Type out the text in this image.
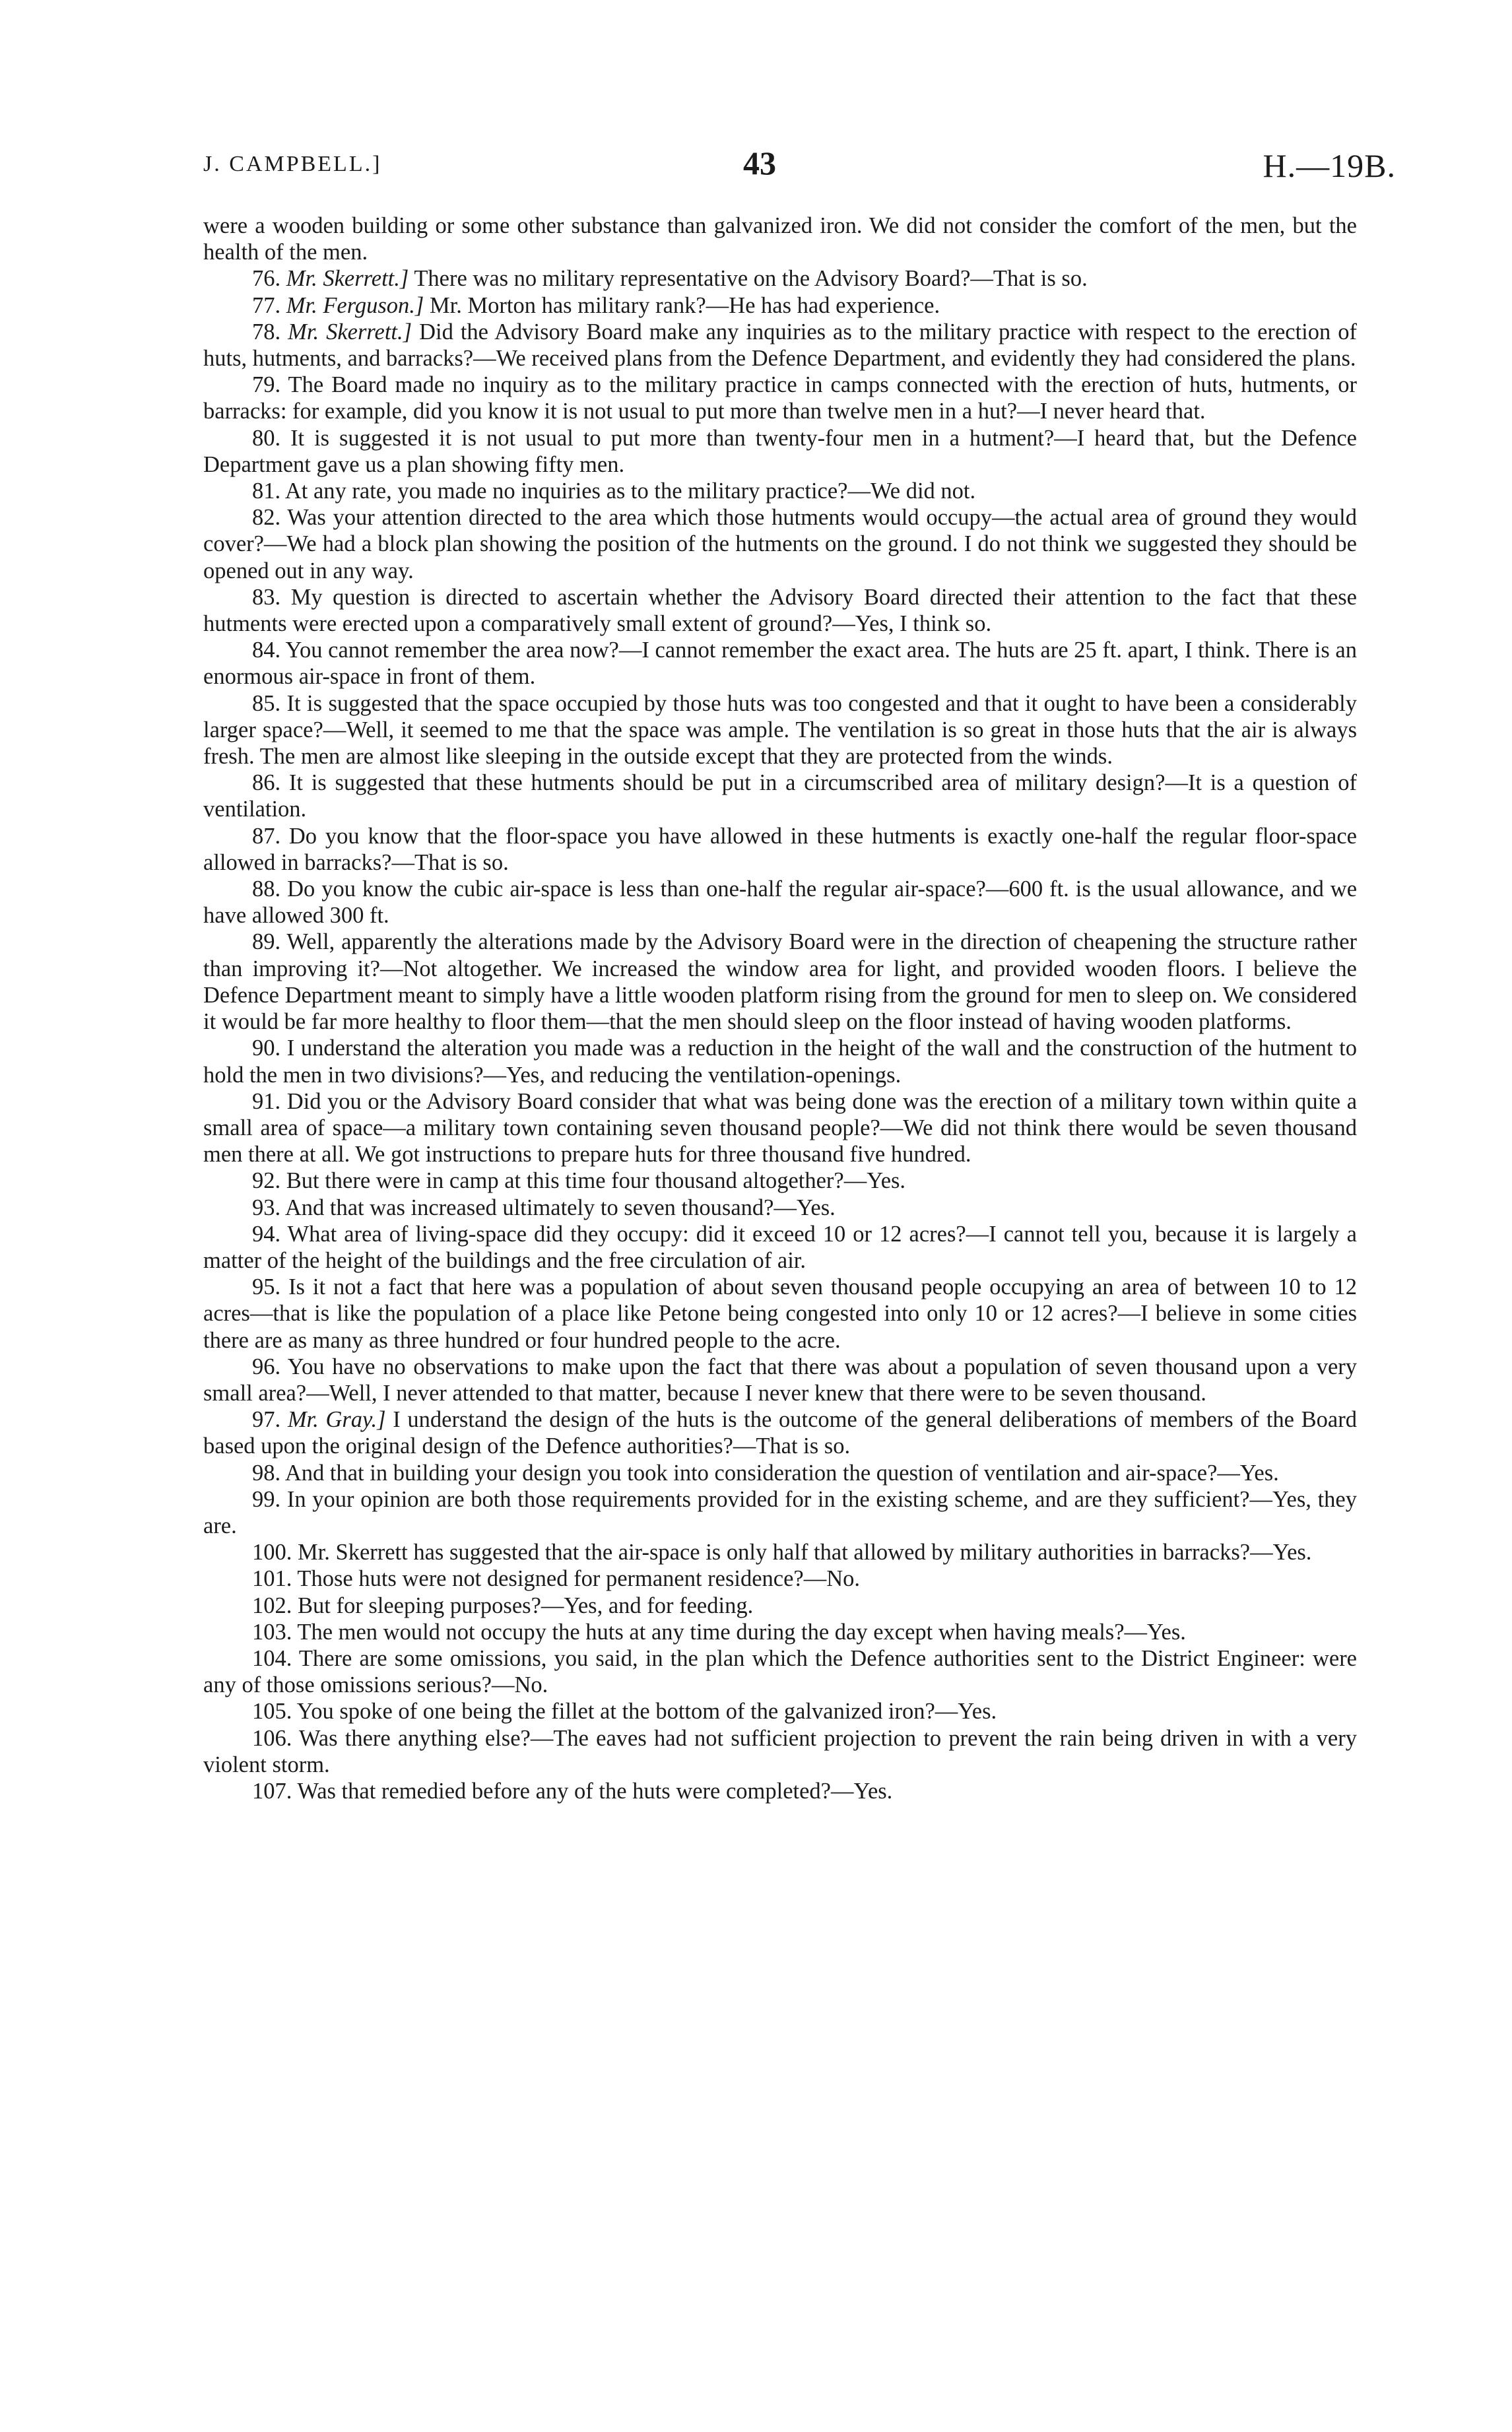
J. CAMPBELL.]	43	H.—19B.

were a wooden building or some other substance than galvanized iron. We did not consider the comfort of the men, but the health of the men.

76. Mr. Skerrett.] There was no military representative on the Advisory Board?—That is so.

77. Mr. Ferguson.] Mr. Morton has military rank?—He has had experience.

78. Mr. Skerrett.] Did the Advisory Board make any inquiries as to the military practice with respect to the erection of huts, hutments, and barracks?—We received plans from the Defence Department, and evidently they had considered the plans.

79. The Board made no inquiry as to the military practice in camps connected with the erection of huts, hutments, or barracks: for example, did you know it is not usual to put more than twelve men in a hut?—I never heard that.

80. It is suggested it is not usual to put more than twenty-four men in a hutment?—I heard that, but the Defence Department gave us a plan showing fifty men.

81. At any rate, you made no inquiries as to the military practice?—We did not.

82. Was your attention directed to the area which those hutments would occupy—the actual area of ground they would cover?—We had a block plan showing the position of the hutments on the ground. I do not think we suggested they should be opened out in any way.

83. My question is directed to ascertain whether the Advisory Board directed their attention to the fact that these hutments were erected upon a comparatively small extent of ground?—Yes, I think so.

84. You cannot remember the area now?—I cannot remember the exact area. The huts are 25 ft. apart, I think. There is an enormous air-space in front of them.

85. It is suggested that the space occupied by those huts was too congested and that it ought to have been a considerably larger space?—Well, it seemed to me that the space was ample. The ventilation is so great in those huts that the air is always fresh. The men are almost like sleeping in the outside except that they are protected from the winds.

86. It is suggested that these hutments should be put in a circumscribed area of military design?—It is a question of ventilation.

87. Do you know that the floor-space you have allowed in these hutments is exactly one-half the regular floor-space allowed in barracks?—That is so.

88. Do you know the cubic air-space is less than one-half the regular air-space?—600 ft. is the usual allowance, and we have allowed 300 ft.

89. Well, apparently the alterations made by the Advisory Board were in the direction of cheapening the structure rather than improving it?—Not altogether. We increased the window area for light, and provided wooden floors. I believe the Defence Department meant to simply have a little wooden platform rising from the ground for men to sleep on. We considered it would be far more healthy to floor them—that the men should sleep on the floor instead of having wooden platforms.

90. I understand the alteration you made was a reduction in the height of the wall and the construction of the hutment to hold the men in two divisions?—Yes, and reducing the ventilation-openings.

91. Did you or the Advisory Board consider that what was being done was the erection of a military town within quite a small area of space—a military town containing seven thousand people?—We did not think there would be seven thousand men there at all. We got instructions to prepare huts for three thousand five hundred.

92. But there were in camp at this time four thousand altogether?—Yes.

93. And that was increased ultimately to seven thousand?—Yes.

94. What area of living-space did they occupy: did it exceed 10 or 12 acres?—I cannot tell you, because it is largely a matter of the height of the buildings and the free circulation of air.

95. Is it not a fact that here was a population of about seven thousand people occupying an area of between 10 to 12 acres—that is like the population of a place like Petone being congested into only 10 or 12 acres?—I believe in some cities there are as many as three hundred or four hundred people to the acre.

96. You have no observations to make upon the fact that there was about a population of seven thousand upon a very small area?—Well, I never attended to that matter, because I never knew that there were to be seven thousand.

97. Mr. Gray.] I understand the design of the huts is the outcome of the general deliberations of members of the Board based upon the original design of the Defence authorities?—That is so.

98. And that in building your design you took into consideration the question of ventilation and air-space?—Yes.

99. In your opinion are both those requirements provided for in the existing scheme, and are they sufficient?—Yes, they are.

100. Mr. Skerrett has suggested that the air-space is only half that allowed by military authorities in barracks?—Yes.

101. Those huts were not designed for permanent residence?—No.

102. But for sleeping purposes?—Yes, and for feeding.

103. The men would not occupy the huts at any time during the day except when having meals?—Yes.

104. There are some omissions, you said, in the plan which the Defence authorities sent to the District Engineer: were any of those omissions serious?—No.

105. You spoke of one being the fillet at the bottom of the galvanized iron?—Yes.

106. Was there anything else?—The eaves had not sufficient projection to prevent the rain being driven in with a very violent storm.

107. Was that remedied before any of the huts were completed?—Yes.
